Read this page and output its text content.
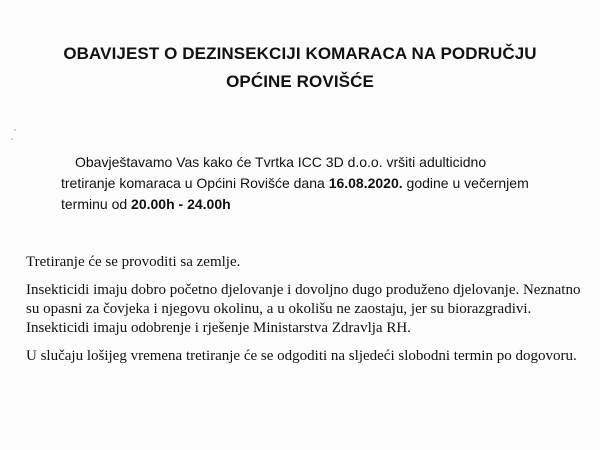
OBAVIJEST O DEZINSEKCIJI KOMARACA NA PODRUČJU
OPĆINE ROVIŠĆE
Obavještavamo Vas kako će Tvrtka ICC 3D d.o.o. vršiti adulticidno
tretiranje komaraca u Općini Rovišće dana 16.08.2020. godine u večernjem
terminu od 20.00h - 24.00h

Tretiranje će se provoditi sa zemlje.

Insekticidi imaju dobro početno djelovanje i dovoljno dugo produženo djelovanje. Neznatno su opasni za čovjeka i njegovu okolinu, a u okolišu ne zaostaju, jer su biorazgradivi. Insekticidi imaju odobrenje i rješenje Ministarstva Zdravlja RH.

U slučaju lošijeg vremena tretiranje će se odgoditi na sljedeći slobodni termin po dogovoru.
